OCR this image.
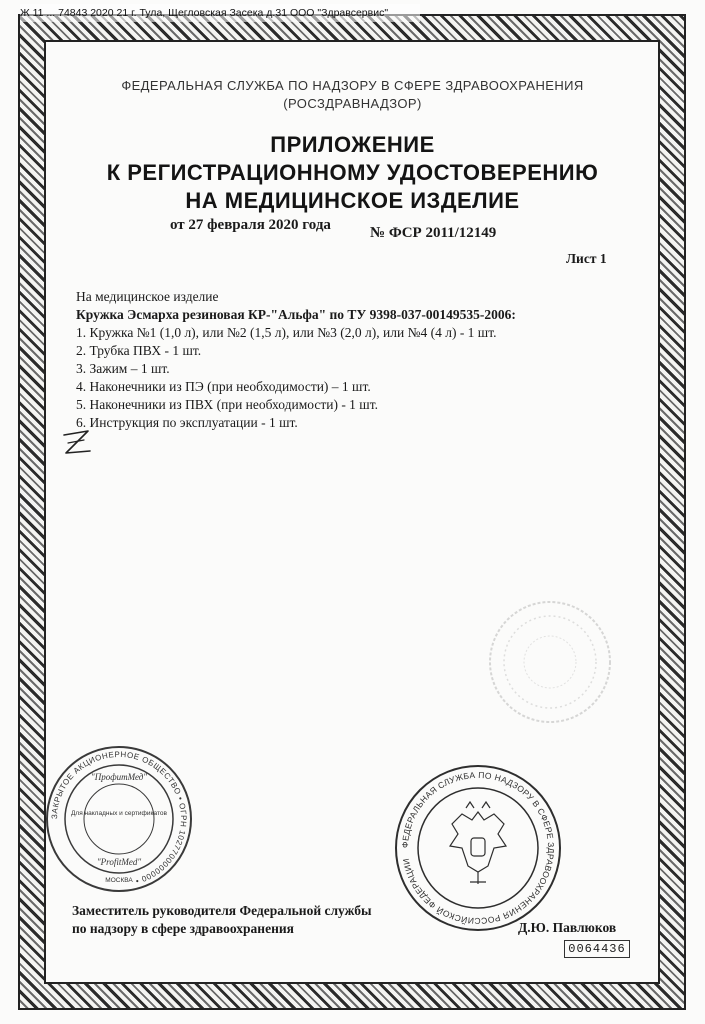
Ж 11 ... 74843 2020 21 г. Тула, Щегловская Засека д.31 ООО "Здравсервис"
ФЕДЕРАЛЬНАЯ СЛУЖБА ПО НАДЗОРУ В СФЕРЕ ЗДРАВООХРАНЕНИЯ
(РОСЗДРАВНАДЗОР)
ПРИЛОЖЕНИЕ
К РЕГИСТРАЦИОННОМУ УДОСТОВЕРЕНИЮ
НА МЕДИЦИНСКОЕ ИЗДЕЛИЕ
от 27 февраля 2020 года	№ ФСР 2011/12149
Лист 1
На медицинское изделие
Кружка Эсмарха резиновая КР-"Альфа" по ТУ 9398-037-00149535-2006:
1. Кружка №1 (1,0 л), или №2 (1,5 л), или №3 (2,0 л), или №4 (4 л) - 1 шт.
2. Трубка ПВХ - 1 шт.
3. Зажим – 1 шт.
4. Наконечники из ПЭ (при необходимости) – 1 шт.
5. Наконечники из ПВХ (при необходимости) - 1 шт.
6. Инструкция по эксплуатации - 1 шт.
ЗАКРЫТОЕ АКЦИОНЕРНОЕ ОБЩЕСТВО • ОГРН 1027700000000 •
"ПрофитМед"
Для накладных и сертификатов
"ProfitMed"
МОСКВА
ФЕДЕРАЛЬНАЯ СЛУЖБА ПО НАДЗОРУ В СФЕРЕ ЗДРАВООХРАНЕНИЯ РОССИЙСКОЙ ФЕДЕРАЦИИ
Заместитель руководителя Федеральной службы
по надзору в сфере здравоохранения	Д.Ю. Павлюков
0064436
